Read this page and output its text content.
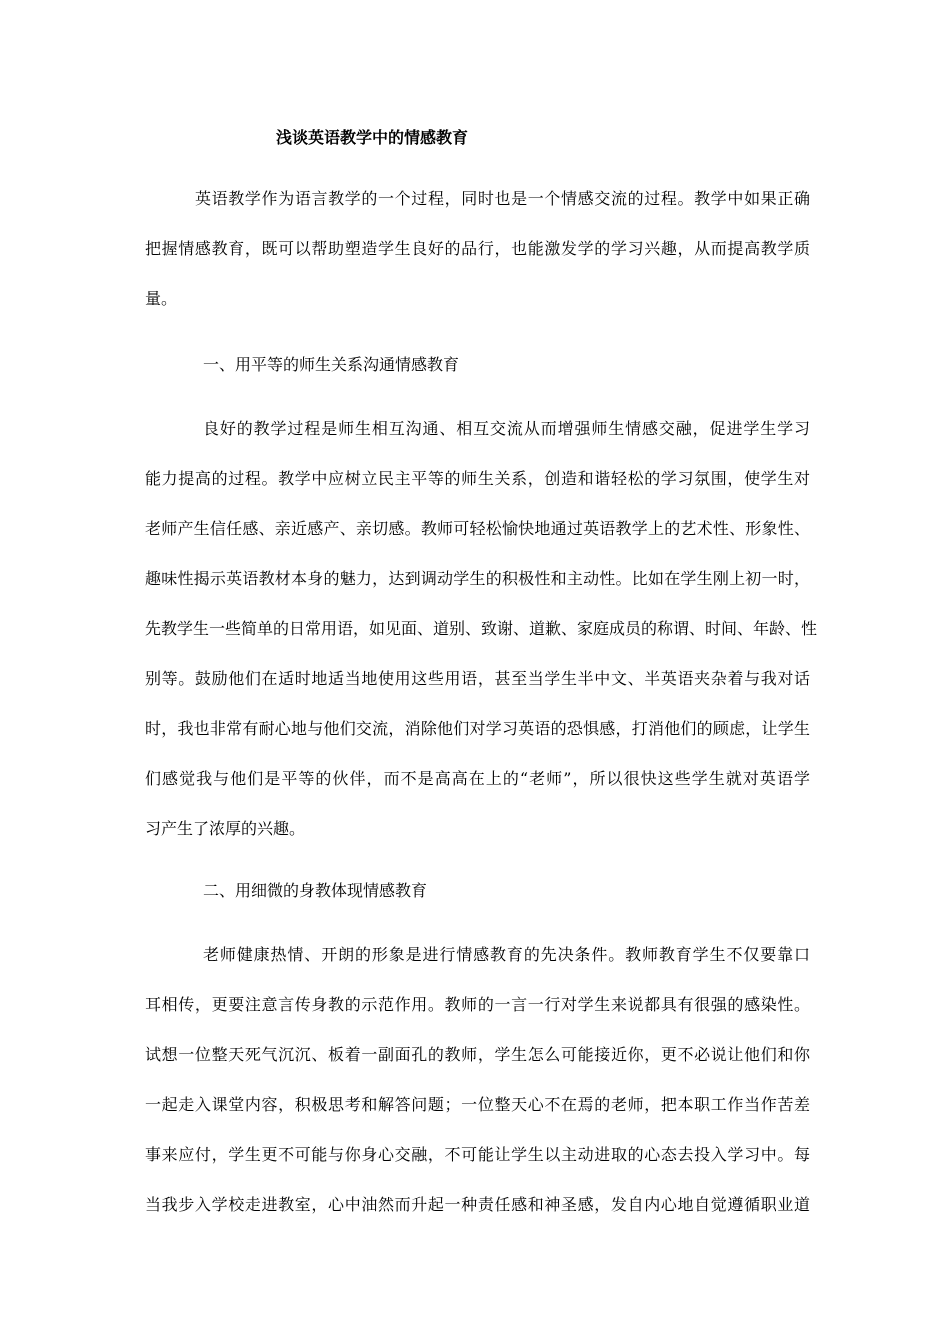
浅谈英语教学中的情感教育
英语教学作为语言教学的一个过程，同时也是一个情感交流的过程。教学中如果正确
把握情感教育，既可以帮助塑造学生良好的品行，也能激发学的学习兴趣，从而提高教学质
量。
一、用平等的师生关系沟通情感教育
良好的教学过程是师生相互沟通、相互交流从而增强师生情感交融，促进学生学习
能力提高的过程。教学中应树立民主平等的师生关系，创造和谐轻松的学习氛围，使学生对
老师产生信任感、亲近感产、亲切感。教师可轻松愉快地通过英语教学上的艺术性、形象性、
趣味性揭示英语教材本身的魅力，达到调动学生的积极性和主动性。比如在学生刚上初一时，
先教学生一些简单的日常用语，如见面、道别、致谢、道歉、家庭成员的称谓、时间、年龄、性
别等。鼓励他们在适时地适当地使用这些用语，甚至当学生半中文、半英语夹杂着与我对话
时，我也非常有耐心地与他们交流，消除他们对学习英语的恐惧感，打消他们的顾虑，让学生
们感觉我与他们是平等的伙伴，而不是高高在上的“老师”，所以很快这些学生就对英语学
习产生了浓厚的兴趣。
二、用细微的身教体现情感教育
老师健康热情、开朗的形象是进行情感教育的先决条件。教师教育学生不仅要靠口
耳相传，更要注意言传身教的示范作用。教师的一言一行对学生来说都具有很强的感染性。
试想一位整天死气沉沉、板着一副面孔的教师，学生怎么可能接近你，更不必说让他们和你
一起走入课堂内容，积极思考和解答问题；一位整天心不在焉的老师，把本职工作当作苦差
事来应付，学生更不可能与你身心交融，不可能让学生以主动进取的心态去投入学习中。每
当我步入学校走进教室，心中油然而升起一种责任感和神圣感，发自内心地自觉遵循职业道
